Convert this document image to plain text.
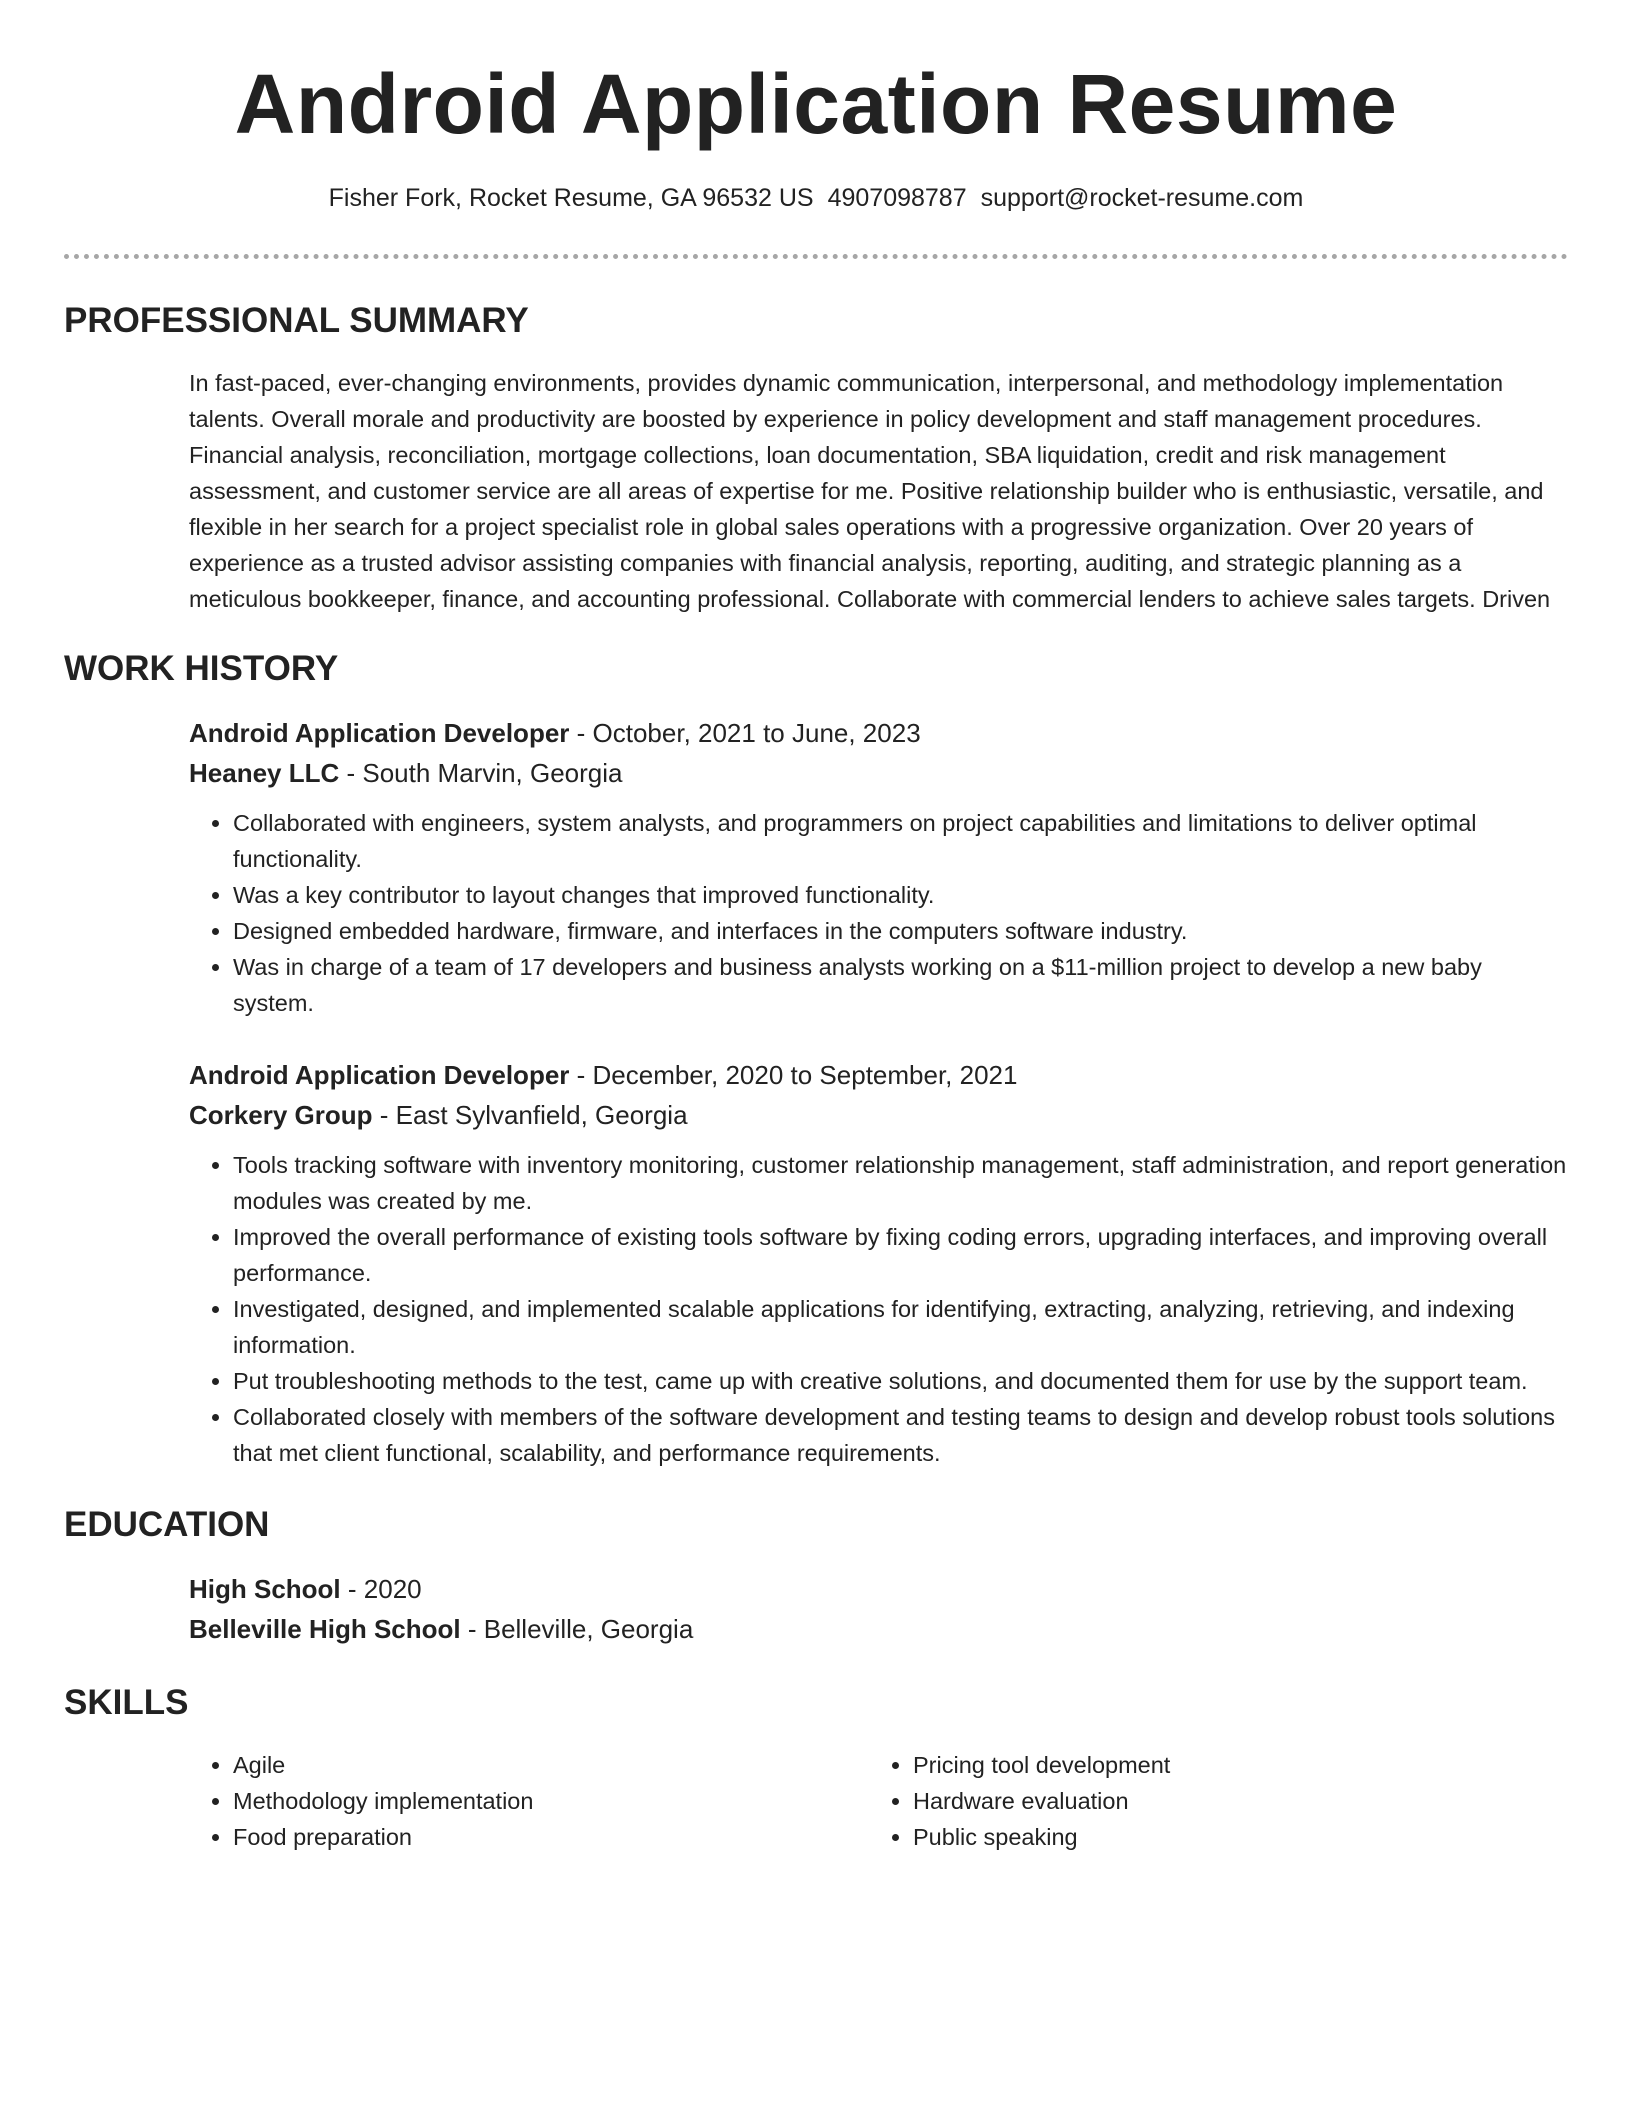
Android Application Resume
Fisher Fork, Rocket Resume, GA 96532 US 4907098787 support@rocket-resume.com
PROFESSIONAL SUMMARY
In fast-paced, ever-changing environments, provides dynamic communication, interpersonal, and methodology implementation talents. Overall morale and productivity are boosted by experience in policy development and staff management procedures. Financial analysis, reconciliation, mortgage collections, loan documentation, SBA liquidation, credit and risk management assessment, and customer service are all areas of expertise for me. Positive relationship builder who is enthusiastic, versatile, and flexible in her search for a project specialist role in global sales operations with a progressive organization. Over 20 years of experience as a trusted advisor assisting companies with financial analysis, reporting, auditing, and strategic planning as a meticulous bookkeeper, finance, and accounting professional. Collaborate with commercial lenders to achieve sales targets. Driven
WORK HISTORY
Android Application Developer - October, 2021 to June, 2023
Heaney LLC - South Marvin, Georgia
• Collaborated with engineers, system analysts, and programmers on project capabilities and limitations to deliver optimal functionality.
• Was a key contributor to layout changes that improved functionality.
• Designed embedded hardware, firmware, and interfaces in the computers software industry.
• Was in charge of a team of 17 developers and business analysts working on a $11-million project to develop a new baby system.
Android Application Developer - December, 2020 to September, 2021
Corkery Group - East Sylvanfield, Georgia
• Tools tracking software with inventory monitoring, customer relationship management, staff administration, and report generation modules was created by me.
• Improved the overall performance of existing tools software by fixing coding errors, upgrading interfaces, and improving overall performance.
• Investigated, designed, and implemented scalable applications for identifying, extracting, analyzing, retrieving, and indexing information.
• Put troubleshooting methods to the test, came up with creative solutions, and documented them for use by the support team.
• Collaborated closely with members of the software development and testing teams to design and develop robust tools solutions that met client functional, scalability, and performance requirements.
EDUCATION
High School - 2020
Belleville High School - Belleville, Georgia
SKILLS
• Agile
• Methodology implementation
• Food preparation
• Pricing tool development
• Hardware evaluation
• Public speaking
